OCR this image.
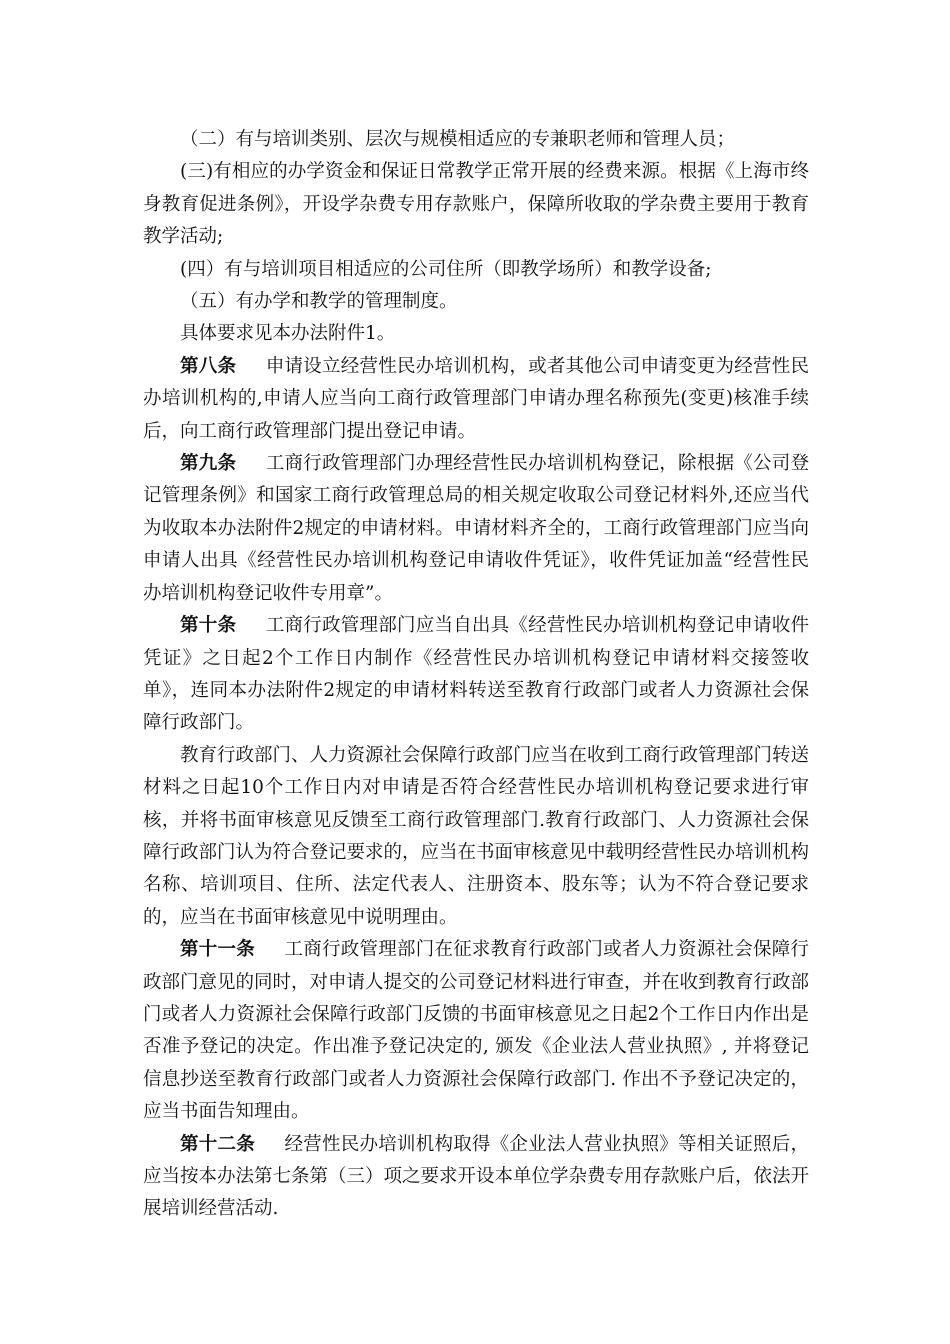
（二）有与培训类别、层次与规模相适应的专兼职老师和管理人员；

(三)有相应的办学资金和保证日常教学正常开展的经费来源。根据《上海市终身教育促进条例》，开设学杂费专用存款账户，保障所收取的学杂费主要用于教育教学活动;

(四）有与培训项目相适应的公司住所（即教学场所）和教学设备;

（五）有办学和教学的管理制度。

具体要求见本办法附件1。

第八条 申请设立经营性民办培训机构，或者其他公司申请变更为经营性民办培训机构的,申请人应当向工商行政管理部门申请办理名称预先(变更)核准手续后，向工商行政管理部门提出登记申请。

第九条 工商行政管理部门办理经营性民办培训机构登记，除根据《公司登记管理条例》和国家工商行政管理总局的相关规定收取公司登记材料外,还应当代为收取本办法附件2规定的申请材料。申请材料齐全的，工商行政管理部门应当向申请人出具《经营性民办培训机构登记申请收件凭证》，收件凭证加盖“经营性民办培训机构登记收件专用章”。

第十条 工商行政管理部门应当自出具《经营性民办培训机构登记申请收件凭证》之日起2个工作日内制作《经营性民办培训机构登记申请材料交接签收单》，连同本办法附件2规定的申请材料转送至教育行政部门或者人力资源社会保障行政部门。

教育行政部门、人力资源社会保障行政部门应当在收到工商行政管理部门转送材料之日起10个工作日内对申请是否符合经营性民办培训机构登记要求进行审核，并将书面审核意见反馈至工商行政管理部门.教育行政部门、人力资源社会保障行政部门认为符合登记要求的，应当在书面审核意见中载明经营性民办培训机构名称、培训项目、住所、法定代表人、注册资本、股东等；认为不符合登记要求的，应当在书面审核意见中说明理由。

第十一条 工商行政管理部门在征求教育行政部门或者人力资源社会保障行政部门意见的同时，对申请人提交的公司登记材料进行审查，并在收到教育行政部门或者人力资源社会保障行政部门反馈的书面审核意见之日起2个工作日内作出是否准予登记的决定。作出准予登记决定的, 颁发《企业法人营业执照》, 并将登记信息抄送至教育行政部门或者人力资源社会保障行政部门. 作出不予登记决定的，应当书面告知理由。

第十二条 经营性民办培训机构取得《企业法人营业执照》等相关证照后，应当按本办法第七条第（三）项之要求开设本单位学杂费专用存款账户后，依法开展培训经营活动.
